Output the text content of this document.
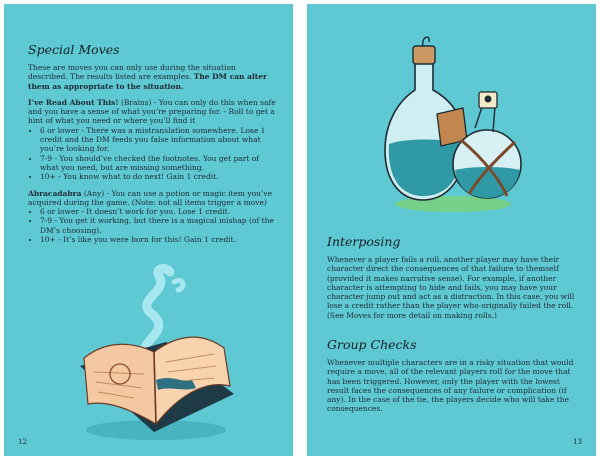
Special Moves

These are moves you can only use during the situation described. The results listed are examples. The DM can alter them as appropriate to the situation.

I’ve Read About This! (Brains) - You can only do this when safe and you have a sense of what you’re preparing for. - Roll to get a hint of what you need or where you’ll find it

• 6 or lower - There was a mistranslation somewhere. Lose 1 credit and the DM feeds you false information about what you’re looking for.
• 7-9 - You should’ve checked the footnotes. You get part of what you need, but are missing something.
• 10+ - You know what to do next! Gain 1 credit.

Abracadabra (Any) - You can use a potion or magic item you’ve acquired during the game. (Note: not all items trigger a move)

• 6 or lower - It doesn’t work for you. Lose 1 credit.
• 7-9 - You get it working, but there is a magical mishap (of the DM’s choosing).
• 10+ - It’s like you were born for this! Gain 1 credit.
12
Interposing

Whenever a player fails a roll, another player may have their character direct the consequences of that failure to themself (provided it makes narrative sense). For example, if another character is attempting to hide and fails, you may have your character jump out and act as a distraction. In this case, you will lose a credit rather than the player who originally failed the roll. (See Moves for more detail on making rolls.)

Group Checks

Whenever multiple characters are in a risky situation that would require a move, all of the relevant players roll for the move that has been triggered. However, only the player with the lowest result faces the consequences of any failure or complication (if any). In the case of the tie, the players decide who will take the consequences.

13
